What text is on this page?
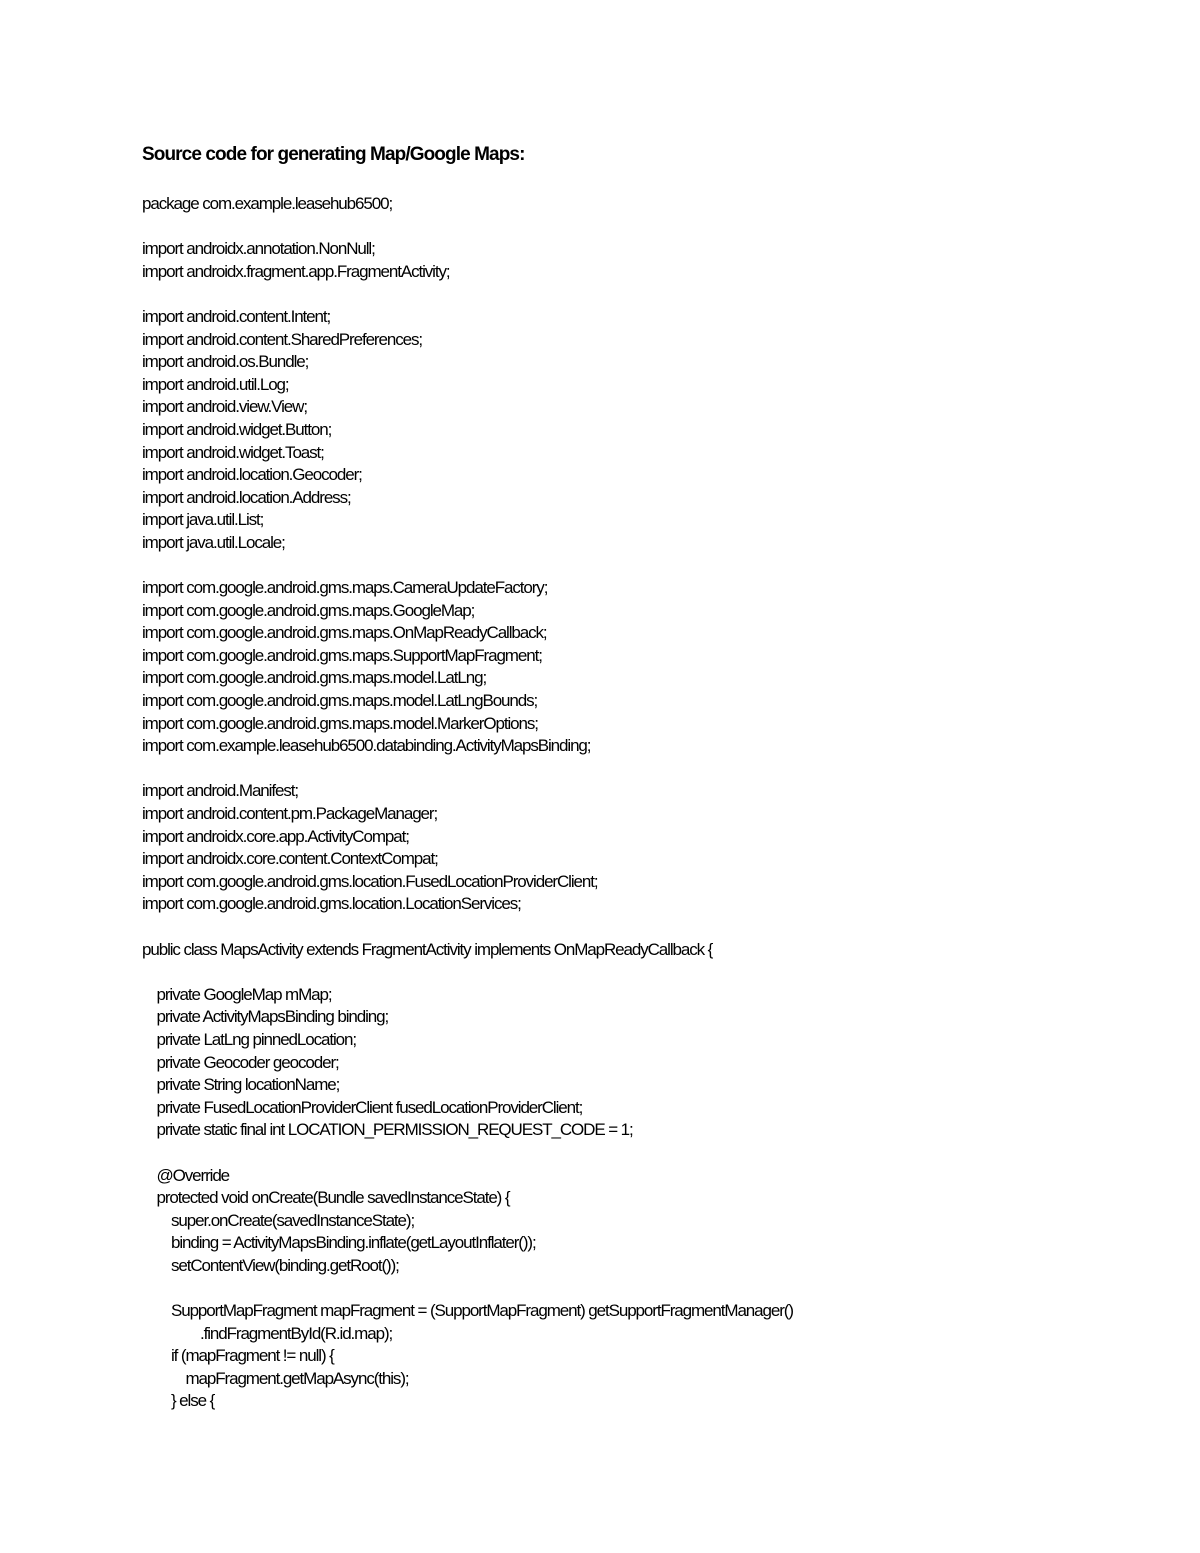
Source code for generating Map/Google Maps:
package com.example.leasehub6500;
import androidx.annotation.NonNull;
import androidx.fragment.app.FragmentActivity;
import android.content.Intent;
import android.content.SharedPreferences;
import android.os.Bundle;
import android.util.Log;
import android.view.View;
import android.widget.Button;
import android.widget.Toast;
import android.location.Geocoder;
import android.location.Address;
import java.util.List;
import java.util.Locale;
import com.google.android.gms.maps.CameraUpdateFactory;
import com.google.android.gms.maps.GoogleMap;
import com.google.android.gms.maps.OnMapReadyCallback;
import com.google.android.gms.maps.SupportMapFragment;
import com.google.android.gms.maps.model.LatLng;
import com.google.android.gms.maps.model.LatLngBounds;
import com.google.android.gms.maps.model.MarkerOptions;
import com.example.leasehub6500.databinding.ActivityMapsBinding;
import android.Manifest;
import android.content.pm.PackageManager;
import androidx.core.app.ActivityCompat;
import androidx.core.content.ContextCompat;
import com.google.android.gms.location.FusedLocationProviderClient;
import com.google.android.gms.location.LocationServices;
public class MapsActivity extends FragmentActivity implements OnMapReadyCallback {
private GoogleMap mMap;
private ActivityMapsBinding binding;
private LatLng pinnedLocation;
private Geocoder geocoder;
private String locationName;
private FusedLocationProviderClient fusedLocationProviderClient;
private static final int LOCATION_PERMISSION_REQUEST_CODE = 1;
@Override
protected void onCreate(Bundle savedInstanceState) {
super.onCreate(savedInstanceState);
binding = ActivityMapsBinding.inflate(getLayoutInflater());
setContentView(binding.getRoot());
SupportMapFragment mapFragment = (SupportMapFragment) getSupportFragmentManager()
.findFragmentById(R.id.map);
if (mapFragment != null) {
mapFragment.getMapAsync(this);
} else {
